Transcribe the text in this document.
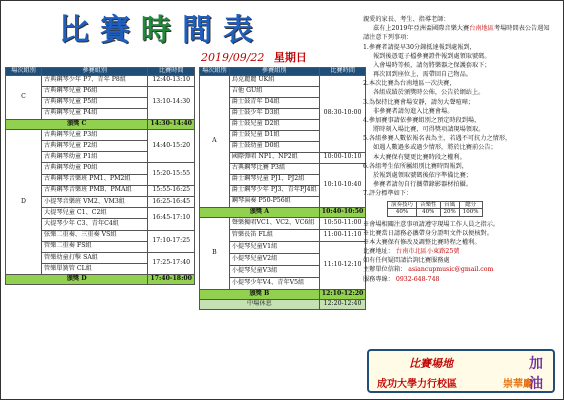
比 賽 時 間 表
2019/09/22 星期日
場次組別	參賽組別	比賽時間
C	古典鋼琴少年 P7、青年 P8組	12:40-13:10
	古典鋼琴兒童 P6組	13:10-14:30
	古典鋼琴兒童 P5組	
	古典鋼琴兒童 P4組	
頒獎 C		14:30-14:40
D	古典鋼琴兒童 P3組	14:40-15:20
	古典鋼琴兒童 P2組	
	古典鋼琴幼童 P1組	
	古典鋼琴幼童 P0組	15:20-15:55
	古典鋼琴音樂班 PM1、PM2組	
	古典鋼琴音樂班 PMB、PMA組	15:55-16:25
	小提琴音樂班 VM2、VM3組	16:25-16:45
	大提琴兒童 C1、C2組	16:45-17:10
	大提琴少年 C3、青年C4組	
	弦樂二重奏、三重奏 VS組	17:10-17:25
	管樂二重奏 FS組	
	管樂幼童打擊 SA組	17:25-17:40
	管樂單簧管 CL組	
頒獎 D		17:40-18:00
場次組別	參賽組別	比賽時間
A	烏克麗麗 UK組	08:30-10:00
	吉他 GU組	
	爵士鼓青年 D4組	
	爵士鼓少年 D3組	
	爵士鼓兒童 D2組	
	爵士鼓兒童 D1組	
	爵士鼓幼童 D0組	
	國際彈唱 NP1、NP2組	10:00-10:10
	古典鋼琴比賽 P3組	10:10-10:40
	爵士鋼琴兒童 PJ1、PJ2組	
	爵士鋼琴少年 PJ3、青年PJ4組	
	鋼琴演奏 P50-P56組	
頒獎 A		10:40-10:50
B	聲樂獨唱VC1、VC2、VC6組	10:50-11:00
	管樂長笛 FL組	11:00-11:10
	小提琴兒童V1組	11:10-12:10
	小提琴兒童V2組	
	小提琴兒童V3組	
	小提琴少年V4、青年V5組	
頒獎 B		12:10-12:20
中場休息		12:20-12:40

親愛的家長、考生、指導老師：

茲有上2019年亞洲盃國際音樂大賽台南地區考場時間表公告週知

請注意下列事項：

1.參賽者請提早30分鐘抵達報到處報到，

報到後憑電子檔參賽證件報到處領取號碼。

入會場時等候，請勿將樂器之保護套取下；

再次回到座位上，需帶回自己物品。

2.本次比賽為台南地區一次決賽，

各組成績於頒獎時公佈，公告於網站上。

3.為保持比賽會場安靜，請勿大聲喧嘩；

非參賽者請勿進入比賽會場。

4.參加賽事請依參賽組別之預定時段到場，

將時刻入場比賽，可得獎項請現場領取。

5.各組參賽人數依報名表為主，若遇不可抗力之情形，

如遇人數過多或過少情形，將於比賽前公告；

本大賽保有變更比賽時段之權利。

6.各組考生依所屬組別比賽時間報到，

於報到處領取號碼後依序準備比賽；

參賽者請勿自行攜帶錄影器材拍攝。

7.評分標準如下：

演奏技巧	音樂性	台風	總分
40%	40%	20%	100%

※會場相關注意事項請遵守現場工作人員之指示。

※比賽當日請務必攜帶身分證明文件以便核對。

※本大賽保有修改及調整比賽時程之權利。

比賽地址： 台南市北區小東路25號

如有任何疑問請洽詢比賽服務處

主辦單位信箱： asiancupmusic@gmail.com

服務專線： 0932-648-748

比賽場地
成功大學力行校區	崇華廳
加
油
